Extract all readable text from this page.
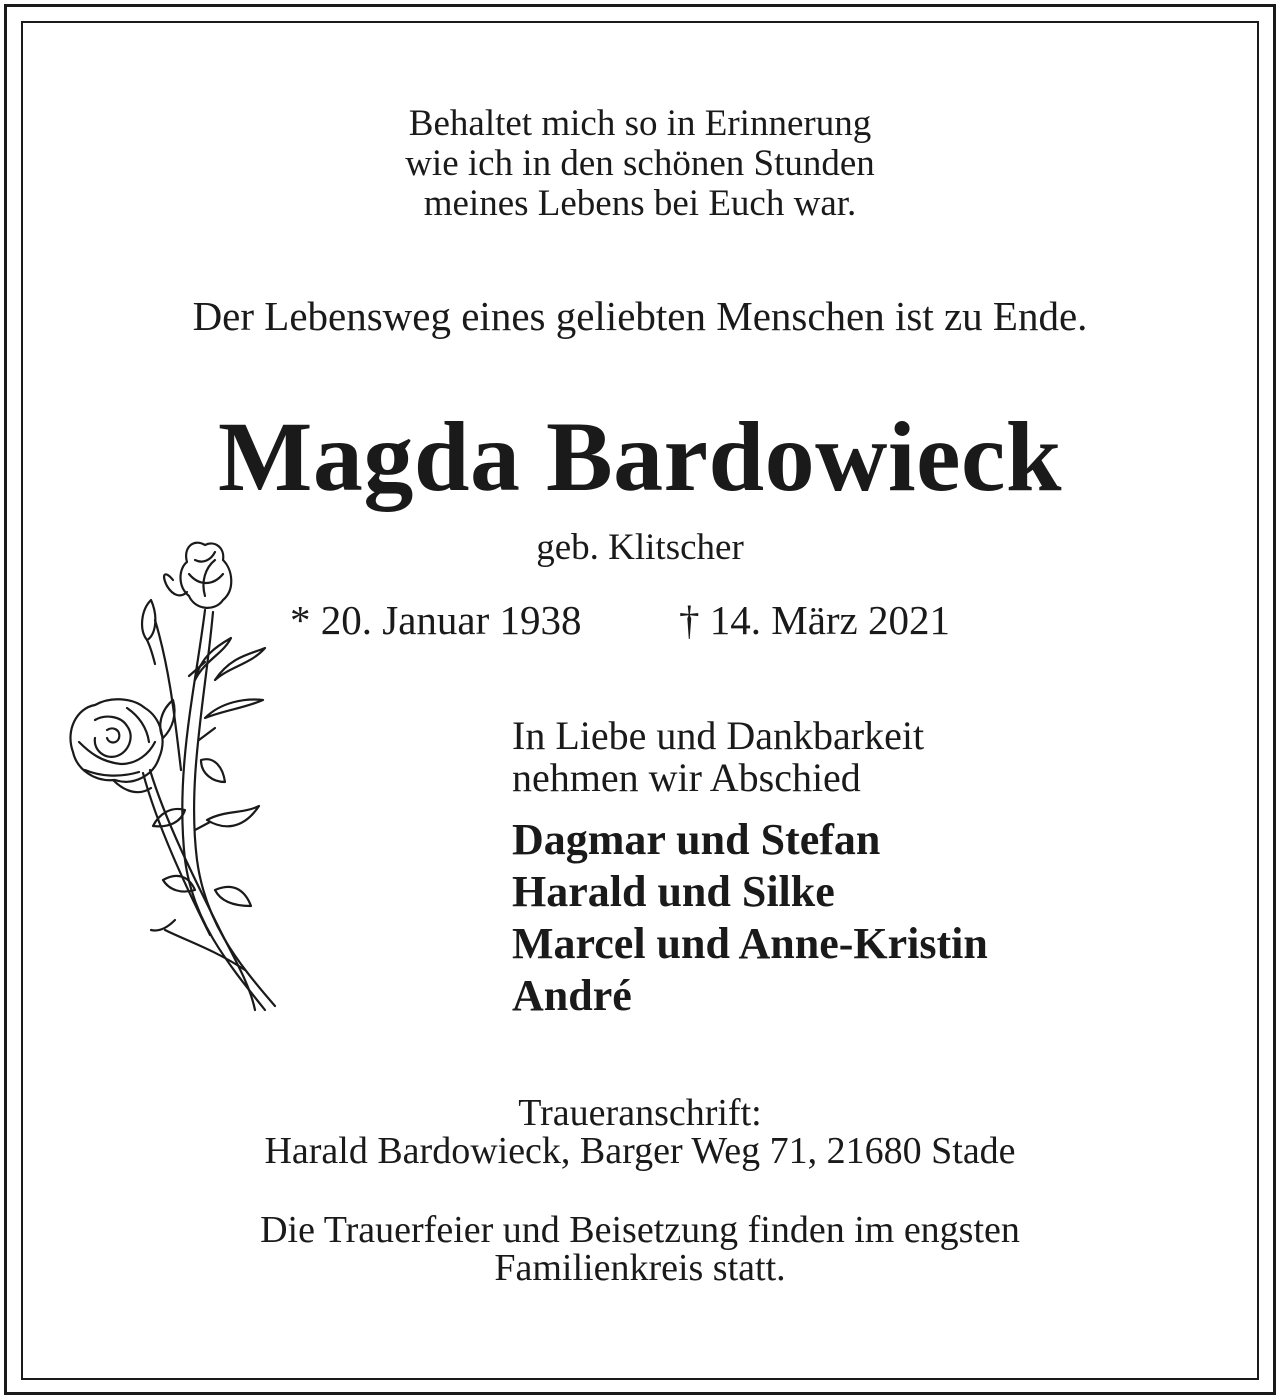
Behaltet mich so in Erinnerung
wie ich in den schönen Stunden
meines Lebens bei Euch war.
Der Lebensweg eines geliebten Menschen ist zu Ende.
Magda Bardowieck
geb. Klitscher
* 20. Januar 1938 † 14. März 2021
In Liebe und Dankbarkeit
nehmen wir Abschied
Dagmar und Stefan
Harald und Silke
Marcel und Anne-Kristin
André
Traueranschrift:
Harald Bardowieck, Barger Weg 71, 21680 Stade
Die Trauerfeier und Beisetzung finden im engsten
Familienkreis statt.
